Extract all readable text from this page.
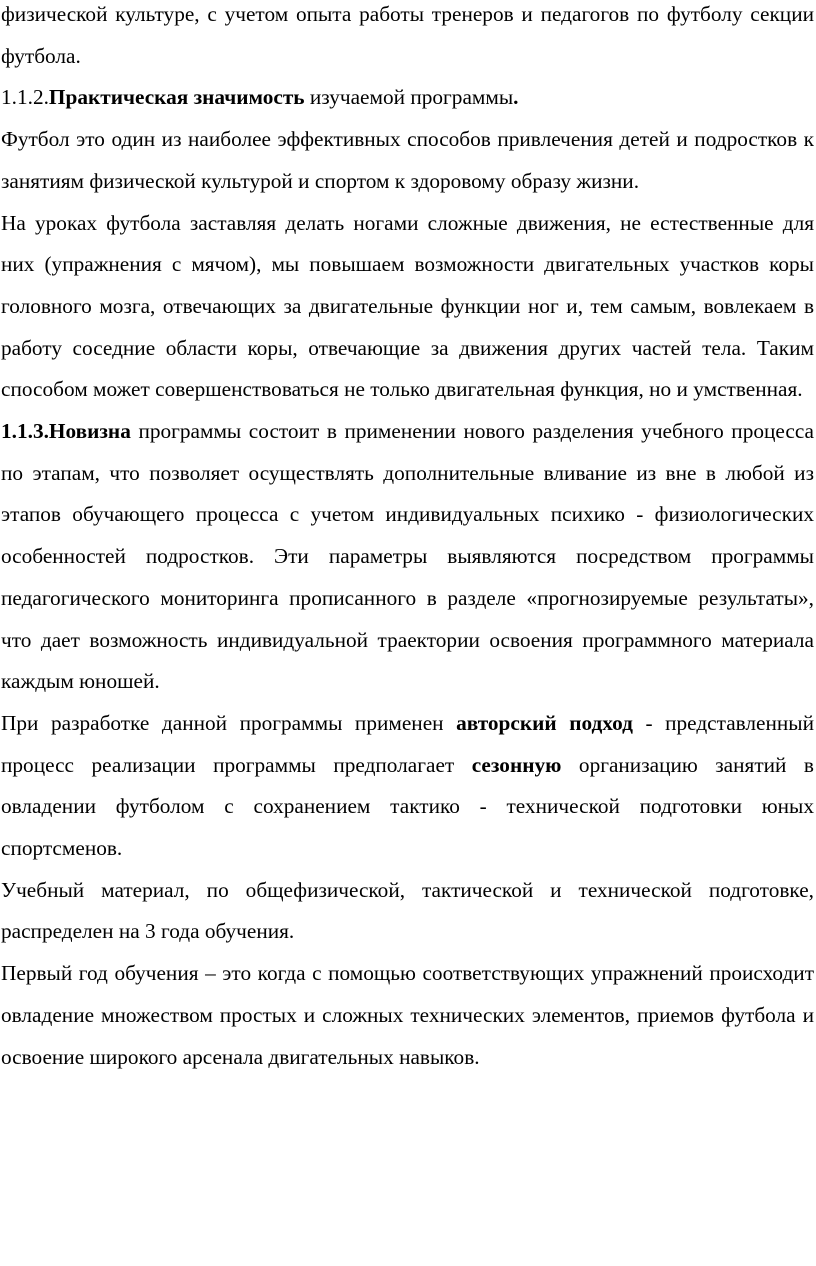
физической культуре, с учетом опыта работы тренеров и педагогов по футболу секции футбола.

1.1.2.Практическая значимость изучаемой программы.

Футбол это один из наиболее эффективных способов привлечения детей и подростков к занятиям физической культурой и спортом к здоровому образу жизни.

На уроках футбола заставляя делать ногами сложные движения, не естественные для них (упражнения с мячом), мы повышаем возможности двигательных участков коры головного мозга, отвечающих за двигательные функции ног и, тем самым, вовлекаем в работу соседние области коры, отвечающие за движения других частей тела. Таким способом может совершенствоваться не только двигательная функция, но и умственная.

1.1.3.Новизна программы состоит в применении нового разделения учебного процесса по этапам, что позволяет осуществлять дополнительные вливание из вне в любой из этапов обучающего процесса с учетом индивидуальных психико - физиологических особенностей подростков. Эти параметры выявляются посредством программы педагогического мониторинга прописанного в разделе «прогнозируемые результаты», что дает возможность индивидуальной траектории освоения программного материала каждым юношей.

При разработке данной программы применен авторский подход - представленный процесс реализации программы предполагает сезонную организацию занятий в овладении футболом с сохранением тактико - технической подготовки юных спортсменов.

Учебный материал, по общефизической, тактической и технической подготовке, распределен на 3 года обучения.

Первый год обучения – это когда с помощью соответствующих упражнений происходит овладение множеством простых и сложных технических элементов, приемов футбола и освоение широкого арсенала двигательных навыков.
